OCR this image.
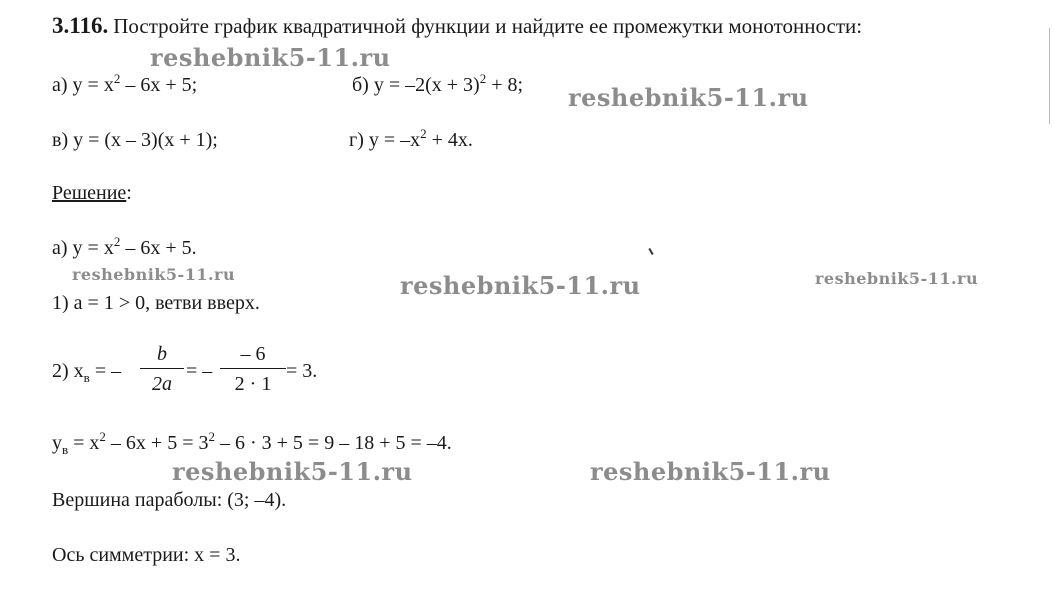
3.116. Постройте график квадратичной функции и найдите ее промежутки монотонности:
а) $у = х^2 - 6х + 5$;	б) $у = -2(х + 3)^2 + 8$;
в) у = (х – 3)(х + 1);	г) $у = -х^2 + 4х$.
Решение:
а) $у = х^2 - 6х + 5$.
1) а = 1 > 0, ветви вверх.
2) $х_в$ = –
b
2a
= –
– 6
2 · 1
= 3.
$у_в = х^2 - 6х + 5 = 3^2 - 6 \cdot 3 + 5 = 9 - 18 + 5 = -4$.
Вершина параболы: (3; –4).
Ось симметрии: х = 3.
reshebnik5-11.ru
reshebnik5-11.ru
reshebnik5-11.ru	reshebnik5-11.ru	reshebnik5-11.ru
reshebnik5-11.ru	reshebnik5-11.ru
